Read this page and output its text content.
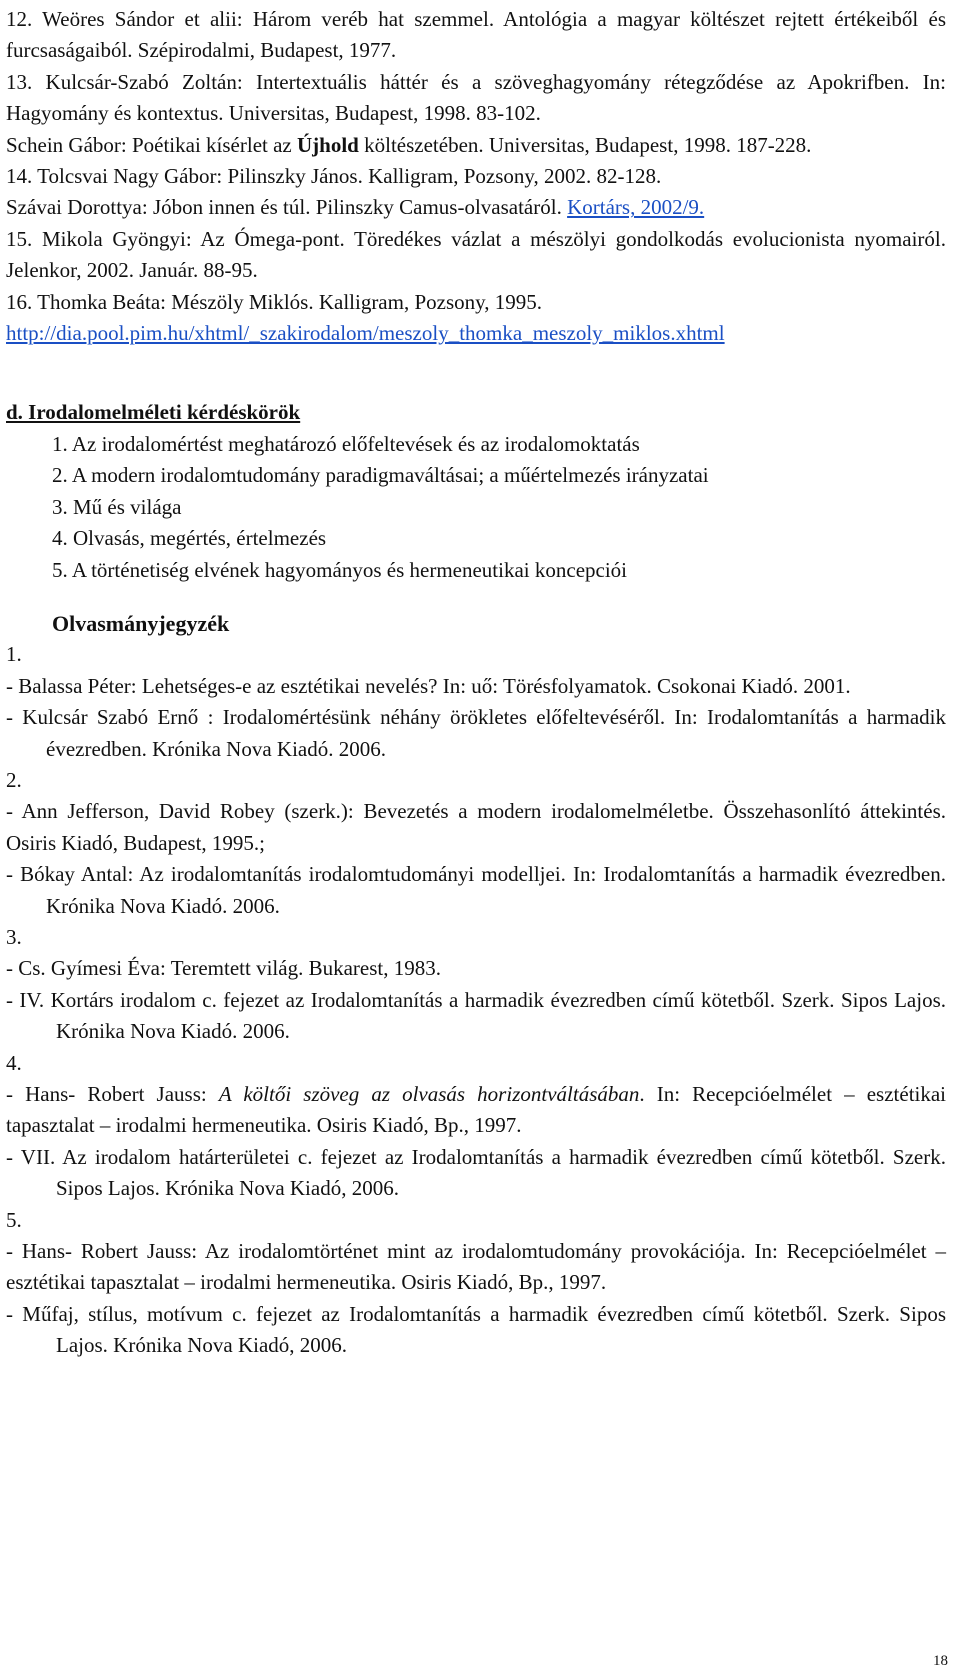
12. Weöres Sándor et alii: Három veréb hat szemmel. Antológia a magyar költészet rejtett értékeiből és furcsaságaiból. Szépirodalmi, Budapest, 1977.
13. Kulcsár-Szabó Zoltán: Intertextuális háttér és a szöveghagyomány rétegződése az Apokrifben. In: Hagyomány és kontextus. Universitas, Budapest, 1998. 83-102.
Schein Gábor: Poétikai kísérlet az Újhold költészetében. Universitas, Budapest, 1998. 187-228.
14. Tolcsvai Nagy Gábor: Pilinszky János. Kalligram, Pozsony, 2002. 82-128.
Szávai Dorottya: Jóbon innen és túl. Pilinszky Camus-olvasatáról. Kortárs, 2002/9.
15. Mikola Gyöngyi: Az Ómega-pont. Töredékes vázlat a mészölyi gondolkodás evolucionista nyomairól. Jelenkor, 2002. Január. 88-95.
16. Thomka Beáta: Mészöly Miklós. Kalligram, Pozsony, 1995.
http://dia.pool.pim.hu/xhtml/_szakirodalom/meszoly_thomka_meszoly_miklos.xhtml
d. Irodalomelméleti kérdéskörök
1. Az irodalomértést meghatározó előfeltevések és az irodalomoktatás
2. A modern irodalomtudomány paradigmaváltásai; a műértelmezés irányzatai
3. Mű és világa
4. Olvasás, megértés, értelmezés
5. A történetiség elvének hagyományos és hermeneutikai koncepciói
Olvasmányjegyzék
1.
- Balassa Péter: Lehetséges-e az esztétikai nevelés? In: uő: Törésfolyamatok. Csokonai Kiadó. 2001.
- Kulcsár Szabó Ernő : Irodalomértésünk néhány örökletes előfeltevéséről. In: Irodalomtanítás a harmadik évezredben. Krónika Nova Kiadó. 2006.
2.
- Ann Jefferson, David Robey (szerk.): Bevezetés a modern irodalomelméletbe. Összehasonlító áttekintés. Osiris Kiadó, Budapest, 1995.;
- Bókay Antal: Az irodalomtanítás irodalomtudományi modelljei. In: Irodalomtanítás a harmadik évezredben. Krónika Nova Kiadó. 2006.
3.
- Cs. Gyímesi Éva: Teremtett világ. Bukarest, 1983.
- IV. Kortárs irodalom c. fejezet az Irodalomtanítás a harmadik évezredben című kötetből. Szerk. Sipos Lajos. Krónika Nova Kiadó. 2006.
4.
- Hans- Robert Jauss: A költői szöveg az olvasás horizontváltásában. In: Recepcióelmélet – esztétikai tapasztalat – irodalmi hermeneutika. Osiris Kiadó, Bp., 1997.
- VII. Az irodalom határterületei c. fejezet az Irodalomtanítás a harmadik évezredben című kötetből. Szerk. Sipos Lajos. Krónika Nova Kiadó, 2006.
5.
- Hans- Robert Jauss: Az irodalomtörténet mint az irodalomtudomány provokációja. In: Recepcióelmélet – esztétikai tapasztalat – irodalmi hermeneutika. Osiris Kiadó, Bp., 1997.
- Műfaj, stílus, motívum c. fejezet az Irodalomtanítás a harmadik évezredben című kötetből. Szerk. Sipos Lajos. Krónika Nova Kiadó, 2006.
18
